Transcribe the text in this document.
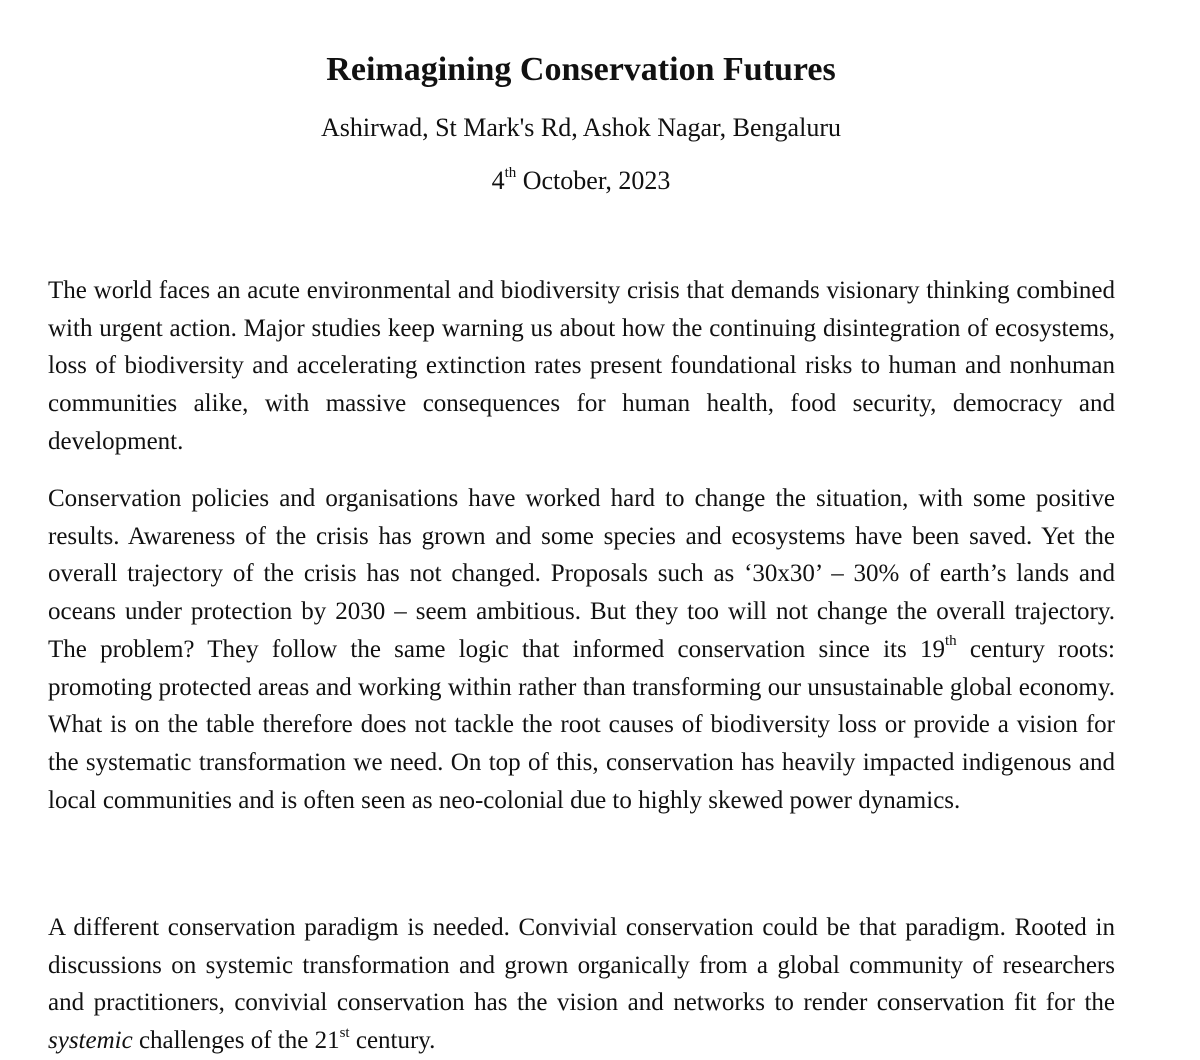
Reimagining Conservation Futures

Ashirwad, St Mark's Rd, Ashok Nagar, Bengaluru

4th October, 2023

The world faces an acute environmental and biodiversity crisis that demands visionary thinking combined with urgent action. Major studies keep warning us about how the continuing disintegration of ecosystems, loss of biodiversity and accelerating extinction rates present foundational risks to human and nonhuman communities alike, with massive consequences for human health, food security, democracy and development.

Conservation policies and organisations have worked hard to change the situation, with some positive results. Awareness of the crisis has grown and some species and ecosystems have been saved. Yet the overall trajectory of the crisis has not changed. Proposals such as ‘30x30’ – 30% of earth’s lands and oceans under protection by 2030 – seem ambitious. But they too will not change the overall trajectory. The problem? They follow the same logic that informed conservation since its 19th century roots: promoting protected areas and working within rather than transforming our unsustainable global economy. What is on the table therefore does not tackle the root causes of biodiversity loss or provide a vision for the systematic transformation we need. On top of this, conservation has heavily impacted indigenous and local communities and is often seen as neo-colonial due to highly skewed power dynamics.

A different conservation paradigm is needed. Convivial conservation could be that paradigm. Rooted in discussions on systemic transformation and grown organically from a global community of researchers and practitioners, convivial conservation has the vision and networks to render conservation fit for the systemic challenges of the 21st century.
